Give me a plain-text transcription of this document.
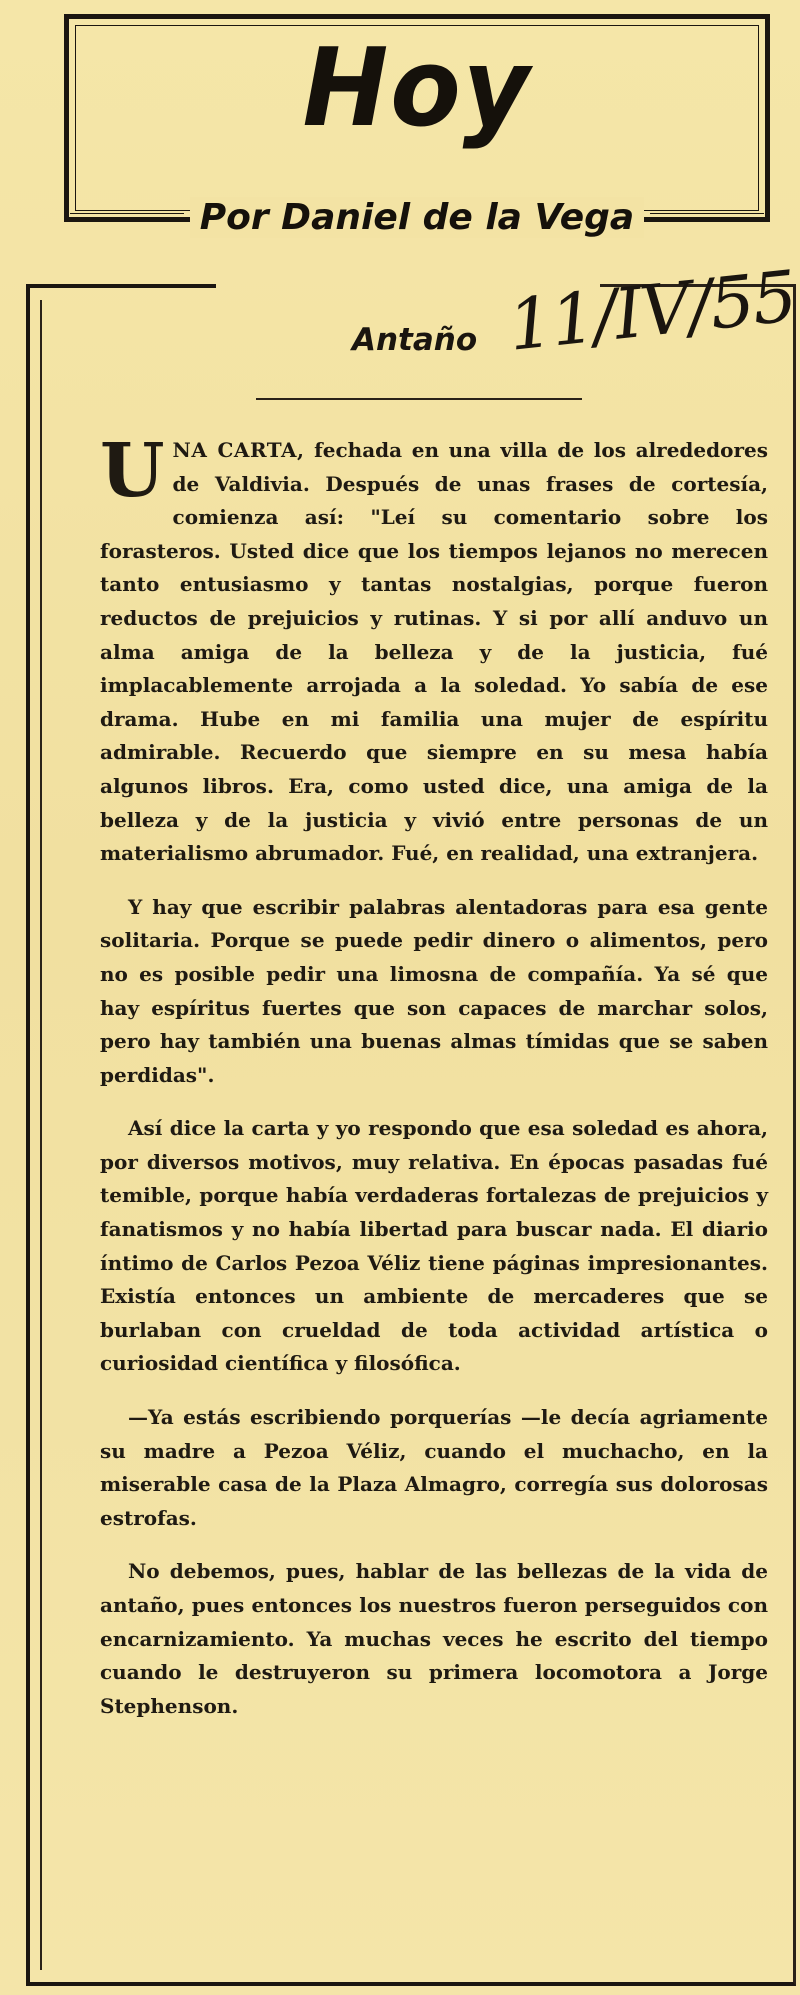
Hoy
Por Daniel de la Vega
Antaño 11/IV/55

UNA CARTA, fechada en una villa de los alrededores de Valdivia. Después de unas frases de cortesía, comienza así: "Leí su comentario sobre los forasteros. Usted dice que los tiempos lejanos no merecen tanto entusiasmo y tantas nostalgias, porque fueron reductos de prejuicios y rutinas. Y si por allí anduvo un alma amiga de la belleza y de la justicia, fué implacablemente arrojada a la soledad. Yo sabía de ese drama. Hube en mi familia una mujer de espíritu admirable. Recuerdo que siempre en su mesa había algunos libros. Era, como usted dice, una amiga de la belleza y de la justicia y vivió entre personas de un materialismo abrumador. Fué, en realidad, una extranjera.

Y hay que escribir palabras alentadoras para esa gente solitaria. Porque se puede pedir dinero o alimentos, pero no es posible pedir una limosna de compañía. Ya sé que hay espíritus fuertes que son capaces de marchar solos, pero hay también una buenas almas tímidas que se saben perdidas".

Así dice la carta y yo respondo que esa soledad es ahora, por diversos motivos, muy relativa. En épocas pasadas fué temible, porque había verdaderas fortalezas de prejuicios y fanatismos y no había libertad para buscar nada. El diario íntimo de Carlos Pezoa Véliz tiene páginas impresionantes. Existía entonces un ambiente de mercaderes que se burlaban con crueldad de toda actividad artística o curiosidad científica y filosófica.

—Ya estás escribiendo porquerías —le decía agriamente su madre a Pezoa Véliz, cuando el muchacho, en la miserable casa de la Plaza Almagro, corregía sus dolorosas estrofas.

No debemos, pues, hablar de las bellezas de la vida de antaño, pues entonces los nuestros fueron perseguidos con encarnizamiento. Ya muchas veces he escrito del tiempo cuando le destruyeron su primera locomotora a Jorge Stephenson.
